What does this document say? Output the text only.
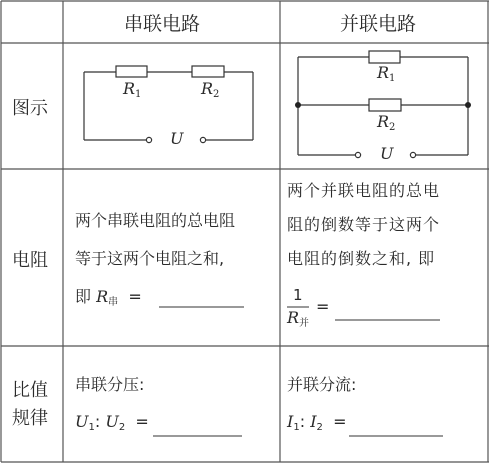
串联电路	并联电路
图示
电阻
比值
规律
$R_1$	$R_2$
U
$R_1$
$R_2$
U
两个串联电阻的总电阻
等于这两个电阻之和,
即 $R_串$ =
两个并联电阻的总电
阻的倒数等于这两个
电阻的倒数之和, 即
1
$R_并$
=
串联分压:
$U_1$: $U_2$ =
并联分流:
$I_1$: $I_2$ =
